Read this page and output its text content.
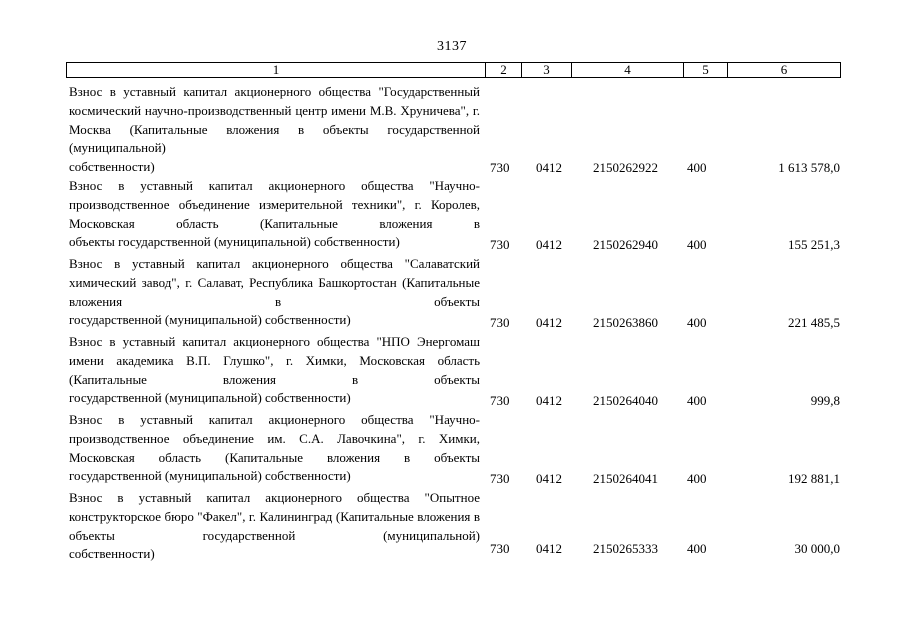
3137
1	2	3	4	5	6
Взнос в уставный капитал акционерного общества "Государственный космический научно-производственный центр имени М.В. Хруничева", г. Москва (Капитальные вложения в объекты государственной (муниципальной)
собственности)	730 0412 2150262922 400	1 613 578,0
Взнос в уставный капитал акционерного общества "Научно- производственное объединение измерительной техники", г. Королев, Московская область (Капитальные вложения в
объекты государственной (муниципальной) собственности)	730 0412 2150262940 400	155 251,3
Взнос в уставный капитал акционерного общества "Салаватский химический завод", г. Салават, Республика Башкортостан (Капитальные вложения в объекты
государственной (муниципальной) собственности)	730 0412 2150263860 400	221 485,5
Взнос в уставный капитал акционерного общества "НПО Энергомаш имени академика В.П. Глушко", г. Химки, Московская область (Капитальные вложения в объекты
государственной (муниципальной) собственности)	730 0412 2150264040 400	999,8
Взнос в уставный капитал акционерного общества "Научно- производственное объединение им. С.А. Лавочкина", г. Химки, Московская область (Капитальные вложения в объекты
государственной (муниципальной) собственности)	730 0412 2150264041 400	192 881,1
Взнос в уставный капитал акционерного общества "Опытное конструкторское бюро "Факел", г. Калининград (Капитальные вложения в объекты государственной (муниципальной)
собственности)	730 0412 2150265333 400	30 000,0
